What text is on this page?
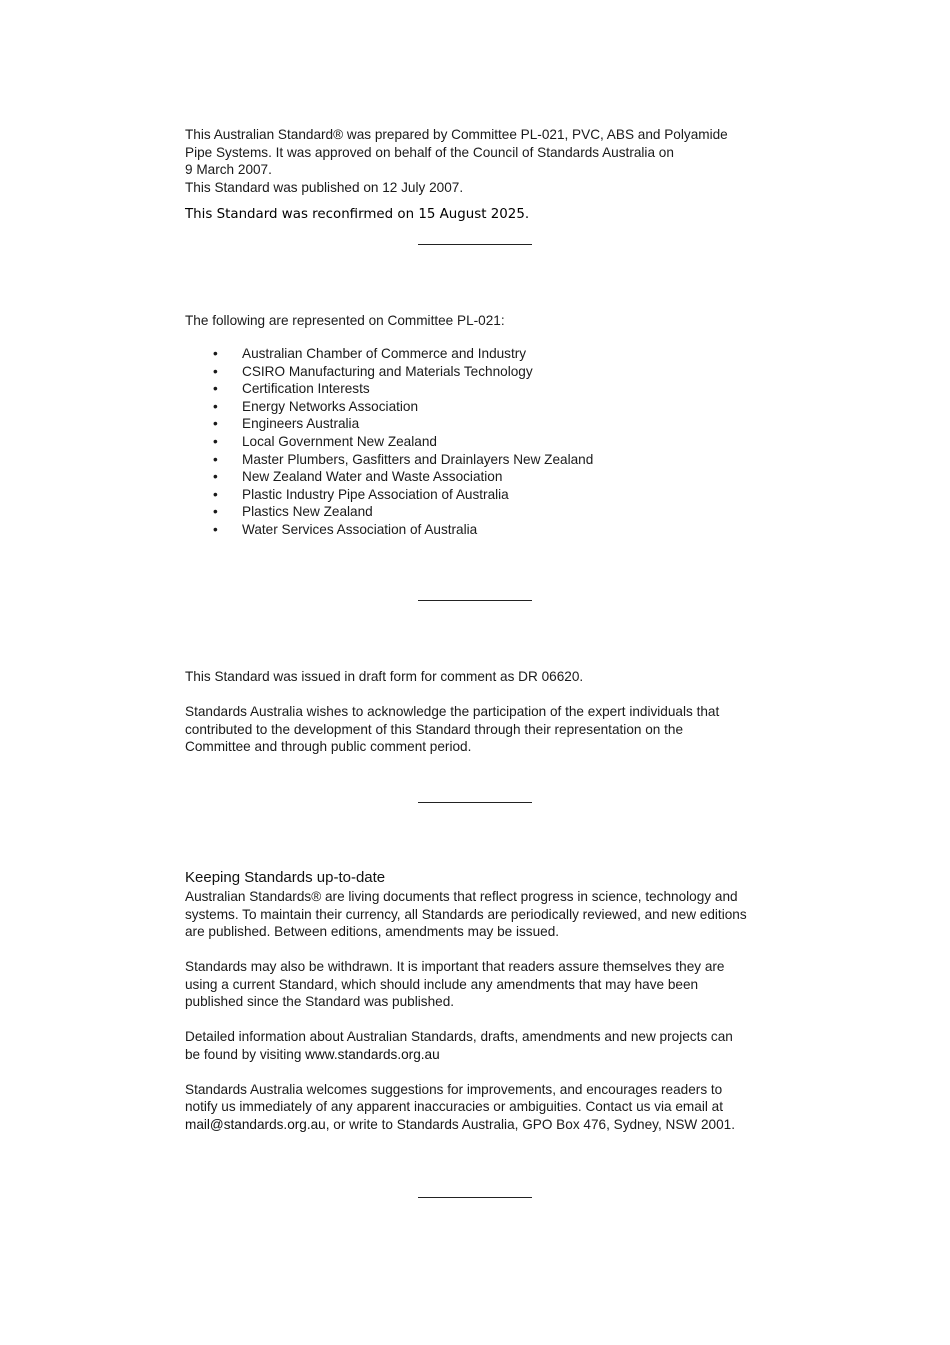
This Australian Standard® was prepared by Committee PL-021, PVC, ABS and Polyamide

Pipe Systems. It was approved on behalf of the Council of Standards Australia on

9 March 2007.

This Standard was published on 12 July 2007.

This Standard was reconfirmed on 15 August 2025.

The following are represented on Committee PL-021:

• Australian Chamber of Commerce and Industry
• CSIRO Manufacturing and Materials Technology
• Certification Interests
• Energy Networks Association
• Engineers Australia
• Local Government New Zealand
• Master Plumbers, Gasfitters and Drainlayers New Zealand
• New Zealand Water and Waste Association
• Plastic Industry Pipe Association of Australia
• Plastics New Zealand
• Water Services Association of Australia

This Standard was issued in draft form for comment as DR 06620.

Standards Australia wishes to acknowledge the participation of the expert individuals that

contributed to the development of this Standard through their representation on the

Committee and through public comment period.

Keeping Standards up-to-date

Australian Standards® are living documents that reflect progress in science, technology and

systems. To maintain their currency, all Standards are periodically reviewed, and new editions

are published. Between editions, amendments may be issued.

Standards may also be withdrawn. It is important that readers assure themselves they are

using a current Standard, which should include any amendments that may have been

published since the Standard was published.

Detailed information about Australian Standards, drafts, amendments and new projects can

be found by visiting www.standards.org.au

Standards Australia welcomes suggestions for improvements, and encourages readers to

notify us immediately of any apparent inaccuracies or ambiguities. Contact us via email at

mail@standards.org.au, or write to Standards Australia, GPO Box 476, Sydney, NSW 2001.
